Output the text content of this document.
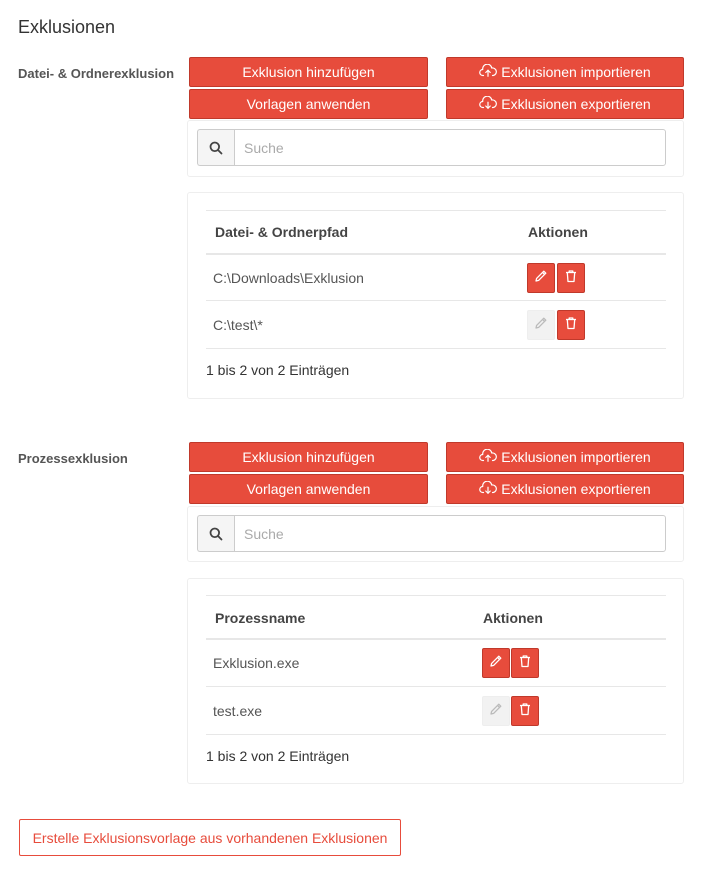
Exklusionen
Datei- & Ordnerexklusion	Exklusion hinzufügen	Exklusionen importieren
Vorlagen anwenden	Exklusionen exportieren
Suche
Datei- & Ordnerpfad	Aktionen
C:\Downloads\Exklusion
C:\test\*
1 bis 2 von 2 Einträgen
Prozessexklusion	Exklusion hinzufügen	Exklusionen importieren
Vorlagen anwenden	Exklusionen exportieren
Suche
Prozessname	Aktionen
Exklusion.exe
test.exe
1 bis 2 von 2 Einträgen
Erstelle Exklusionsvorlage aus vorhandenen Exklusionen
